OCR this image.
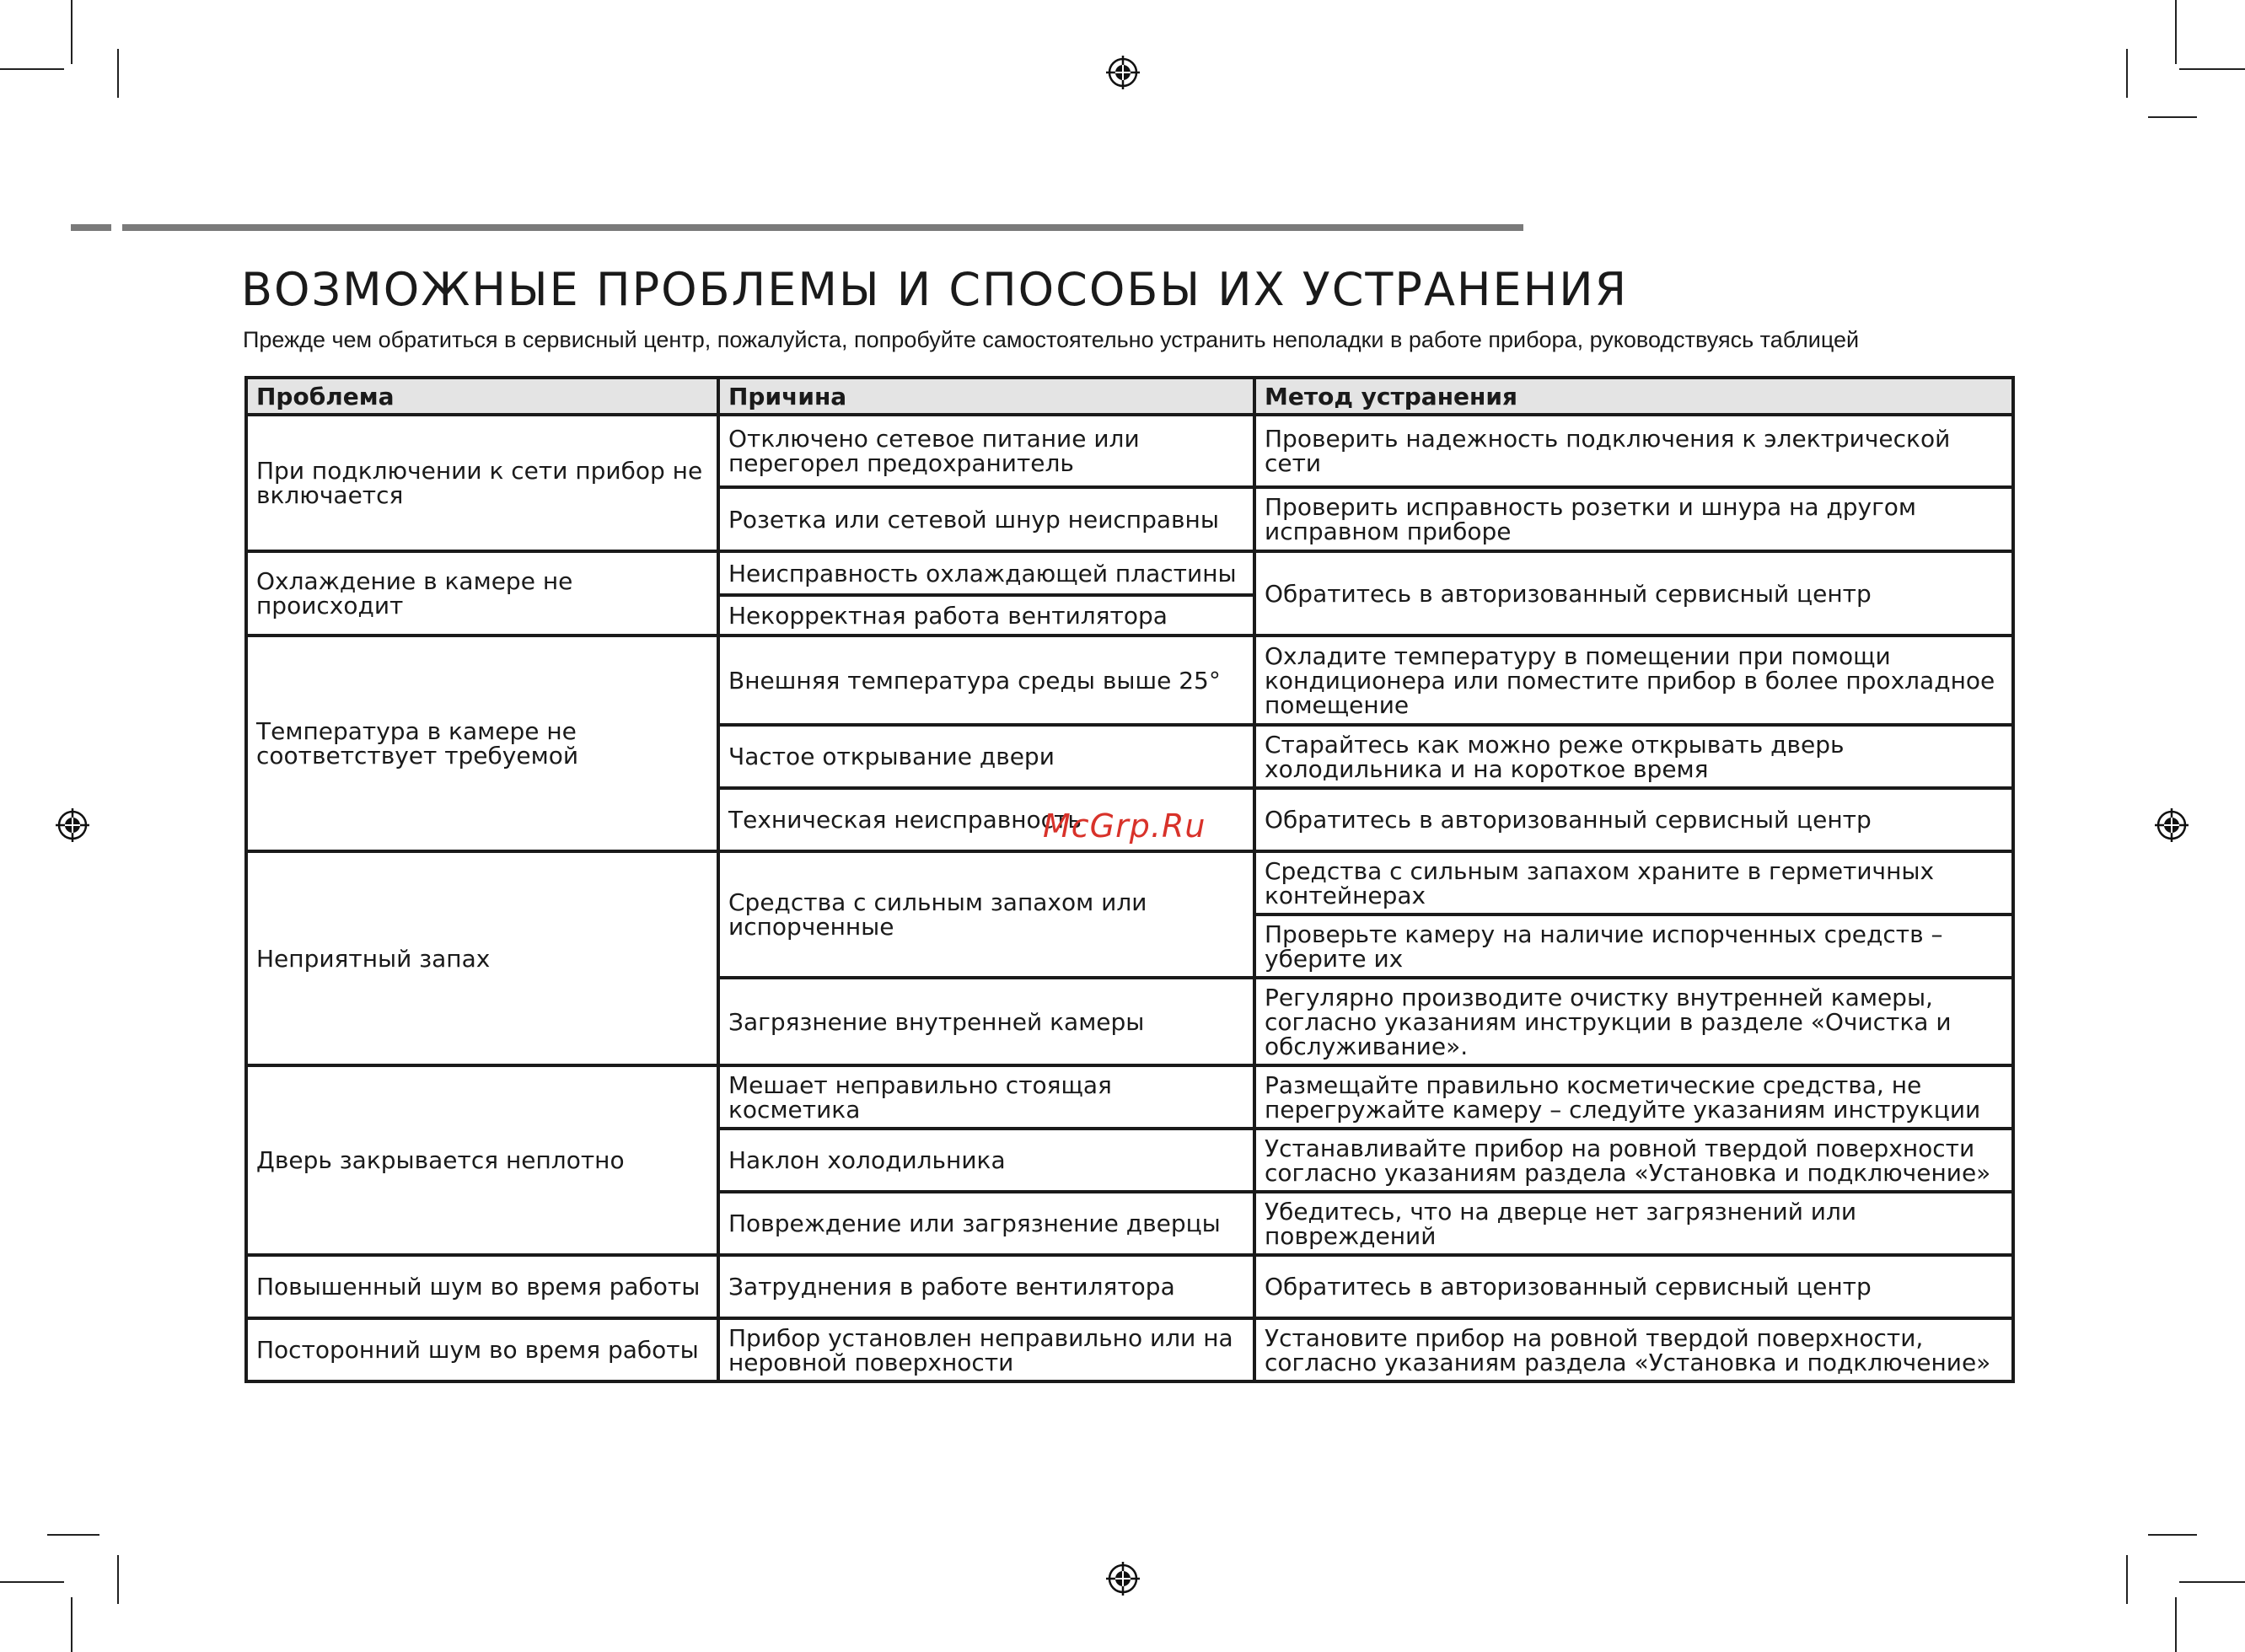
ВОЗМОЖНЫЕ ПРОБЛЕМЫ И СПОСОБЫ ИХ УСТРАНЕНИЯ
Прежде чем обратиться в сервисный центр, пожалуйста, попробуйте самостоятельно устранить неполадки в работе прибора, руководствуясь таблицей
Проблема	Причина	Метод устранения
При подключении к сети прибор не включается	Отключено сетевое питание или перегорел предохранитель	Проверить надежность подключения к электрической сети
	Розетка или сетевой шнур неисправны	Проверить исправность розетки и шнура на другом исправном приборе
Охлаждение в камере не происходит	Неисправность охлаждающей пластины	Обратитесь в авторизованный сервисный центр
	Некорректная работа вентилятора	
Температура в камере не соответствует требуемой	Внешняя температура среды выше 25°	Охладите температуру в помещении при помощи кондиционера или поместите прибор в более прохладное помещение
	Частое открывание двери	Старайтесь как можно реже открывать дверь холодильника и на короткое время
	Техническая неисправность	Обратитесь в авторизованный сервисный центр
Неприятный запах	Средства с сильным запахом или испорченные	Средства с сильным запахом храните в герметичных контейнерах
		Проверьте камеру на наличие испорченных средств – уберите их
	Загрязнение внутренней камеры	Регулярно производите очистку внутренней камеры, согласно указаниям инструкции в разделе «Очистка и обслуживание».
Дверь закрывается неплотно	Мешает неправильно стоящая косметика	Размещайте правильно косметические средства, не перегружайте камеру – следуйте указаниям инструкции
	Наклон холодильника	Устанавливайте прибор на ровной твердой поверхности согласно указаниям раздела «Установка и подключение»
	Повреждение или загрязнение дверцы	Убедитесь, что на дверце нет загрязнений или повреждений
Повышенный шум во время работы	Затруднения в работе вентилятора	Обратитесь в авторизованный сервисный центр
Посторонний шум во время работы	Прибор установлен неправильно или на неровной поверхности	Установите прибор на ровной твердой поверхности, согласно указаниям раздела «Установка и подключение»
McGrp.Ru
